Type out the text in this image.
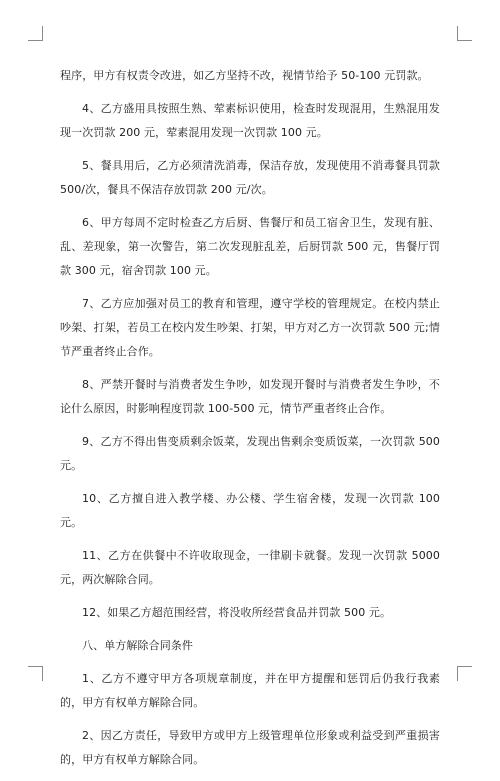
程序，甲方有权责令改进，如乙方坚持不改，视情节给予 50-100 元罚款。

4、乙方盛用具按照生熟、荤素标识使用，检查时发现混用，生熟混用发现一次罚款 200 元，荤素混用发现一次罚款 100 元。

5、餐具用后，乙方必须清洗消毒，保洁存放，发现使用不消毒餐具罚款 500/次，餐具不保洁存放罚款 200 元/次。

6、甲方每周不定时检查乙方后厨、售餐厅和员工宿舍卫生，发现有脏、乱、差现象，第一次警告，第二次发现脏乱差，后厨罚款 500 元，售餐厅罚款 300 元，宿舍罚款 100 元。

7、乙方应加强对员工的教育和管理，遵守学校的管理规定。在校内禁止吵架、打架，若员工在校内发生吵架、打架，甲方对乙方一次罚款 500 元;情节严重者终止合作。

8、严禁开餐时与消费者发生争吵，如发现开餐时与消费者发生争吵，不论什么原因，时影响程度罚款 100-500 元，情节严重者终止合作。

9、乙方不得出售变质剩余饭菜，发现出售剩余变质饭菜，一次罚款 500 元。

10、乙方擅自进入教学楼、办公楼、学生宿舍楼，发现一次罚款 100 元。

11、乙方在供餐中不许收取现金，一律刷卡就餐。发现一次罚款 5000 元，两次解除合同。

12、如果乙方超范围经营，将没收所经营食品并罚款 500 元。

八、单方解除合同条件

1、乙方不遵守甲方各项规章制度，并在甲方提醒和惩罚后仍我行我素的，甲方有权单方解除合同。

2、因乙方责任，导致甲方或甲方上级管理单位形象或利益受到严重损害的，甲方有权单方解除合同。
